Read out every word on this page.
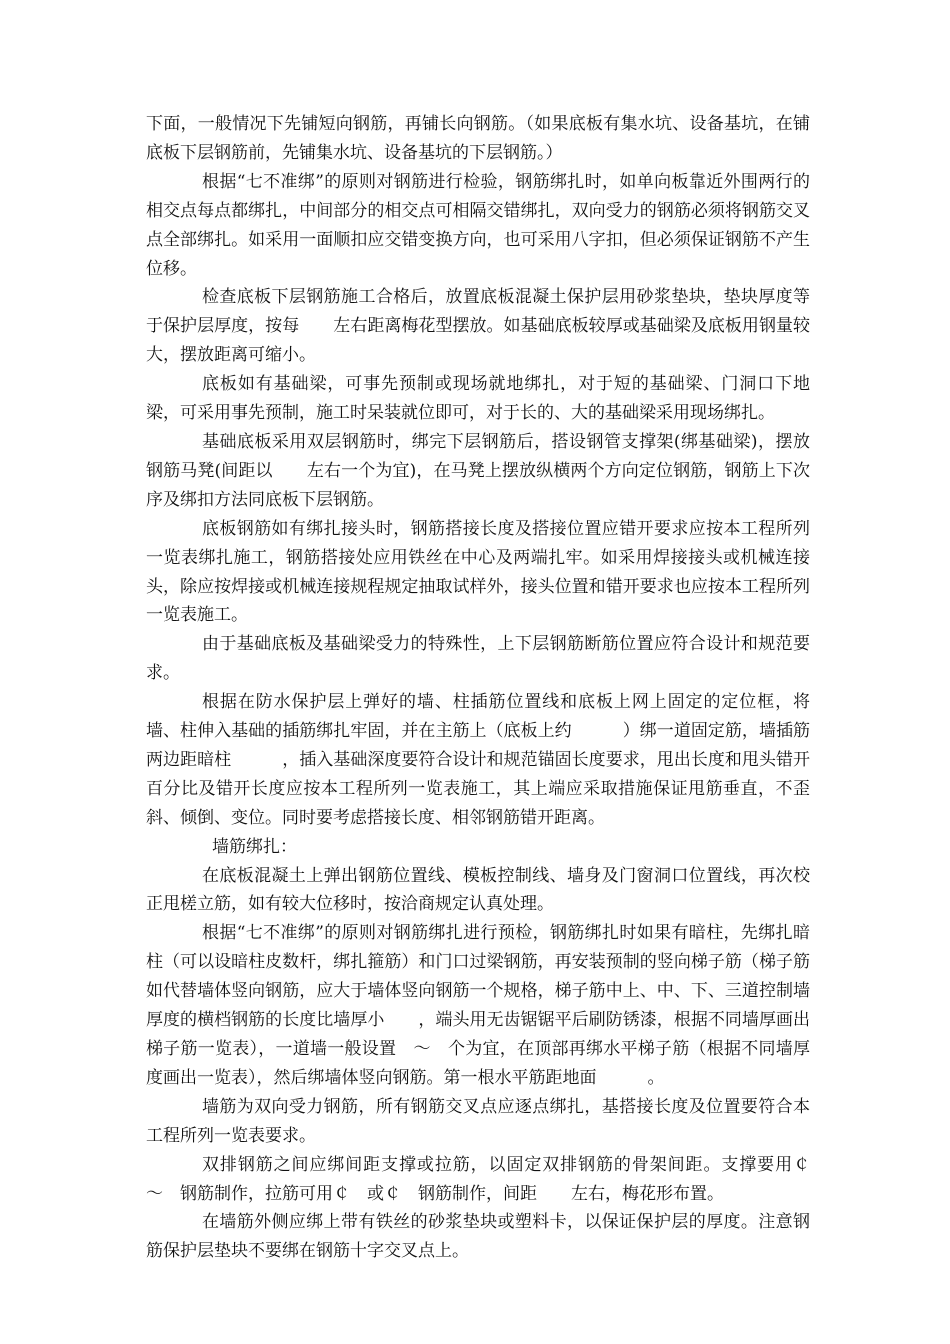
下面，一般情况下先铺短向钢筋，再铺长向钢筋。（如果底板有集水坑、设备基坑，在铺底板下层钢筋前，先铺集水坑、设备基坑的下层钢筋。）

根据“七不准绑”的原则对钢筋进行检验，钢筋绑扎时，如单向板靠近外围两行的相交点每点都绑扎，中间部分的相交点可相隔交错绑扎，双向受力的钢筋必须将钢筋交叉点全部绑扎。如采用一面顺扣应交错变换方向，也可采用八字扣，但必须保证钢筋不产生位移。

检查底板下层钢筋施工合格后，放置底板混凝土保护层用砂浆垫块，垫块厚度等于保护层厚度，按每　　左右距离梅花型摆放。如基础底板较厚或基础梁及底板用钢量较大，摆放距离可缩小。

底板如有基础梁，可事先预制或现场就地绑扎，对于短的基础梁、门洞口下地梁，可采用事先预制，施工时呆装就位即可，对于长的、大的基础梁采用现场绑扎。

基础底板采用双层钢筋时，绑完下层钢筋后，搭设钢管支撑架(绑基础梁)，摆放钢筋马凳(间距以　　左右一个为宜)，在马凳上摆放纵横两个方向定位钢筋，钢筋上下次序及绑扣方法同底板下层钢筋。

底板钢筋如有绑扎接头时，钢筋搭接长度及搭接位置应错开要求应按本工程所列一览表绑扎施工，钢筋搭接处应用铁丝在中心及两端扎牢。如采用焊接接头或机械连接头，除应按焊接或机械连接规程规定抽取试样外，接头位置和错开要求也应按本工程所列一览表施工。

由于基础底板及基础梁受力的特殊性，上下层钢筋断筋位置应符合设计和规范要求。

根据在防水保护层上弹好的墙、柱插筋位置线和底板上网上固定的定位框，将墙、柱伸入基础的插筋绑扎牢固，并在主筋上（底板上约　　　）绑一道固定筋，墙插筋两边距暗柱　　　，插入基础深度要符合设计和规范锚固长度要求，甩出长度和甩头错开百分比及错开长度应按本工程所列一览表施工，其上端应采取措施保证甩筋垂直，不歪斜、倾倒、变位。同时要考虑搭接长度、相邻钢筋错开距离。

墙筋绑扎：

在底板混凝土上弹出钢筋位置线、模板控制线、墙身及门窗洞口位置线，再次校正甩槎立筋，如有较大位移时，按洽商规定认真处理。

根据“七不准绑”的原则对钢筋绑扎进行预检，钢筋绑扎时如果有暗柱，先绑扎暗柱（可以设暗柱皮数杆，绑扎箍筋）和门口过梁钢筋，再安装预制的竖向梯子筋（梯子筋如代替墙体竖向钢筋，应大于墙体竖向钢筋一个规格，梯子筋中上、中、下、三道控制墙厚度的横档钢筋的长度比墙厚小　　，端头用无齿锯锯平后刷防锈漆，根据不同墙厚画出梯子筋一览表），一道墙一般设置　～　个为宜，在顶部再绑水平梯子筋（根据不同墙厚度画出一览表），然后绑墙体竖向钢筋。第一根水平筋距地面　　　。

墙筋为双向受力钢筋，所有钢筋交叉点应逐点绑扎，基搭接长度及位置要符合本工程所列一览表要求。

双排钢筋之间应绑间距支撑或拉筋，以固定双排钢筋的骨架间距。支撑要用￠　～　钢筋制作，拉筋可用￠　或￠　钢筋制作，间距　　左右，梅花形布置。

在墙筋外侧应绑上带有铁丝的砂浆垫块或塑料卡，以保证保护层的厚度。注意钢筋保护层垫块不要绑在钢筋十字交叉点上。
